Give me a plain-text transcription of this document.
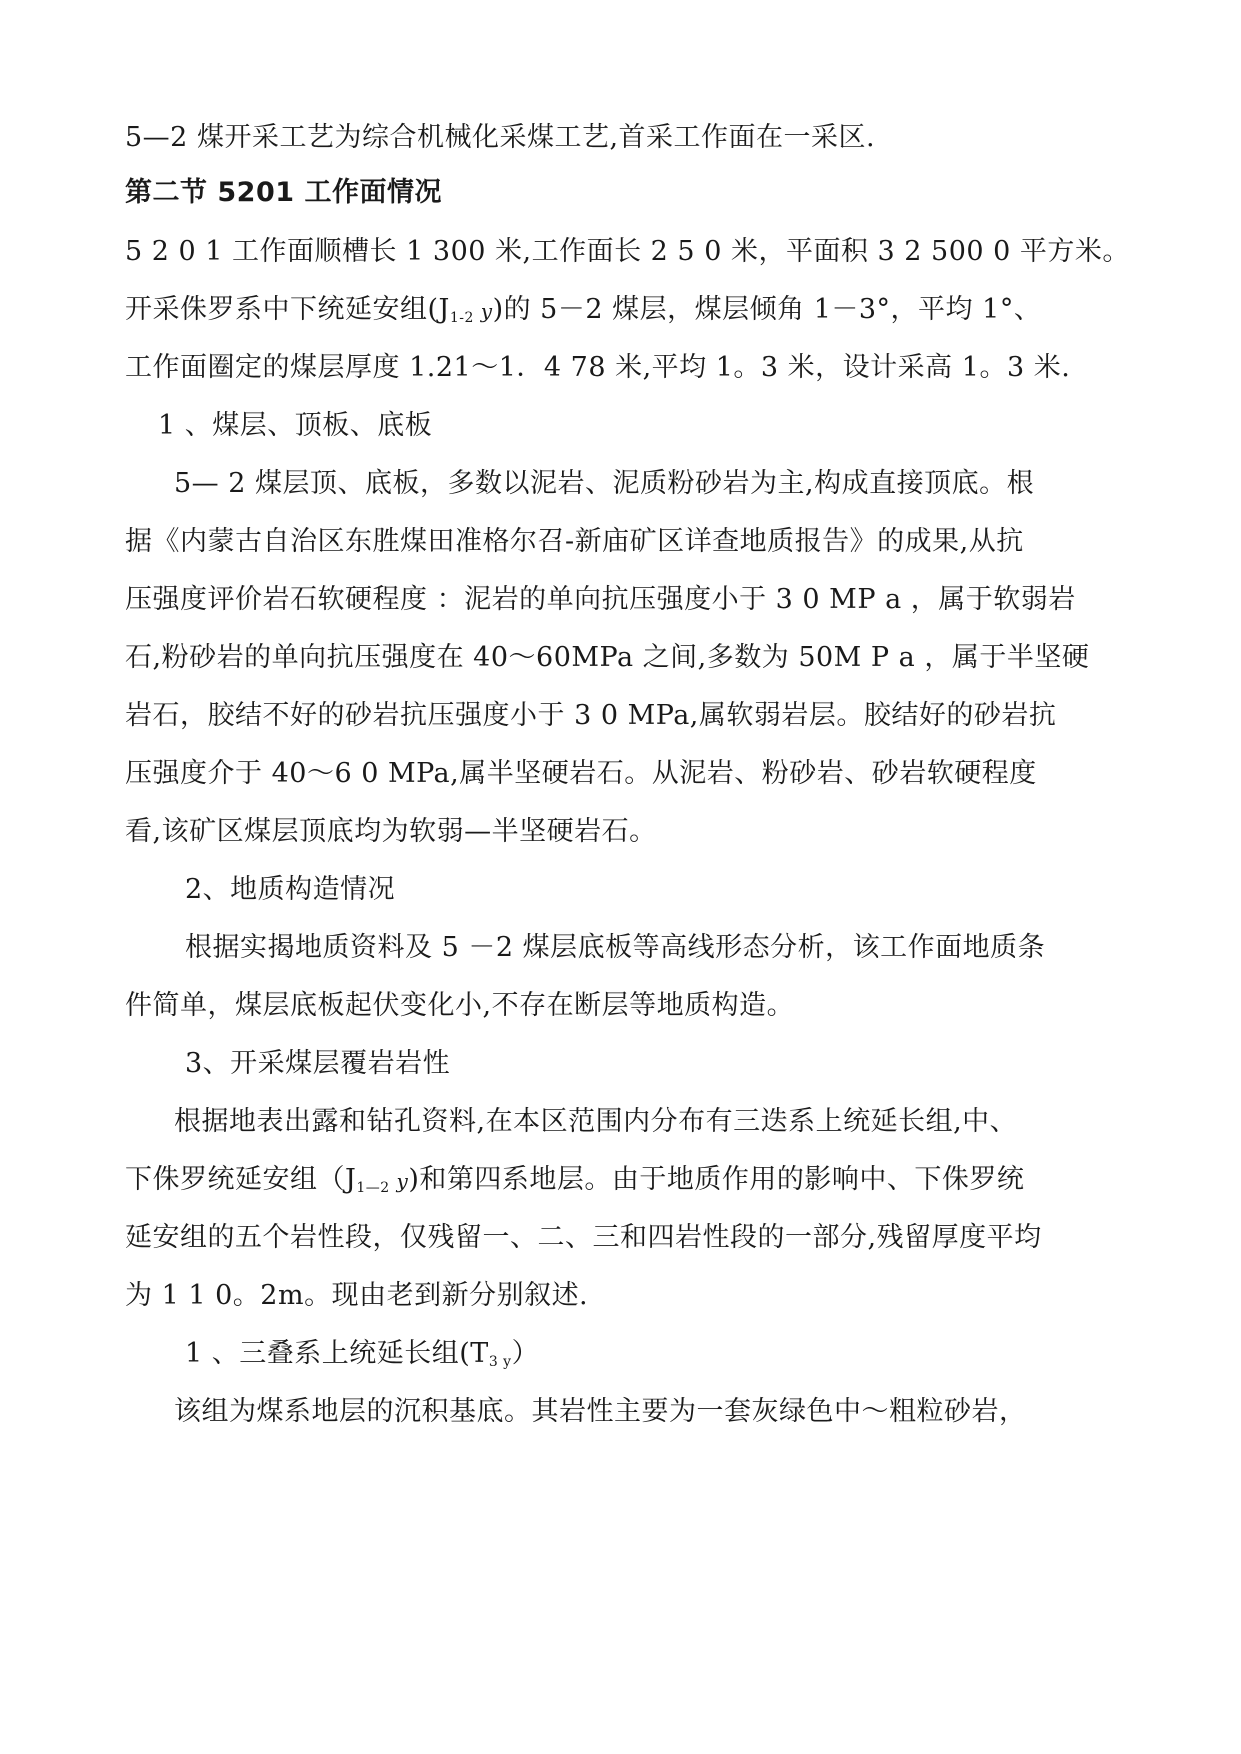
5—2 煤开采工艺为综合机械化采煤工艺,首采工作面在一采区.
第二节 5201 工作面情况
5 2 0 1 工作面顺槽长 1 300 米,工作面长 2 5 0 米，平面积 3 2 500 0 平方米。
开采侏罗系中下统延安组($J_{1-2}$ y)的 5－2 煤层，煤层倾角 1－3°，平均 1°、
工作面圈定的煤层厚度 1.21～1．4 78 米,平均 1。3 米，设计采高 1。3 米.
1 、煤层、顶板、底板
5— 2 煤层顶、底板，多数以泥岩、泥质粉砂岩为主,构成直接顶底。根
据《内蒙古自治区东胜煤田准格尔召-新庙矿区详查地质报告》的成果,从抗
压强度评价岩石软硬程度 ：泥岩的单向抗压强度小于 3 0 MP a ，属于软弱岩
石,粉砂岩的单向抗压强度在 40～60MPa 之间,多数为 50M P a ，属于半坚硬
岩石，胶结不好的砂岩抗压强度小于 3 0 MPa,属软弱岩层。胶结好的砂岩抗
压强度介于 40～6 0 MPa,属半坚硬岩石。从泥岩、粉砂岩、砂岩软硬程度
看,该矿区煤层顶底均为软弱—半坚硬岩石。
2、地质构造情况
根据实揭地质资料及 5 －2 煤层底板等高线形态分析，该工作面地质条
件简单，煤层底板起伏变化小,不存在断层等地质构造。
3、开采煤层覆岩岩性
根据地表出露和钻孔资料,在本区范围内分布有三迭系上统延长组,中、
下侏罗统延安组（$J_{1—2}$ y)和第四系地层。由于地质作用的影响中、下侏罗统
延安组的五个岩性段，仅残留一、二、三和四岩性段的一部分,残留厚度平均
为 1 1 0。2m。现由老到新分别叙述.
1 、三叠系上统延长组$(T_{3 y})$
该组为煤系地层的沉积基底。其岩性主要为一套灰绿色中～粗粒砂岩，
